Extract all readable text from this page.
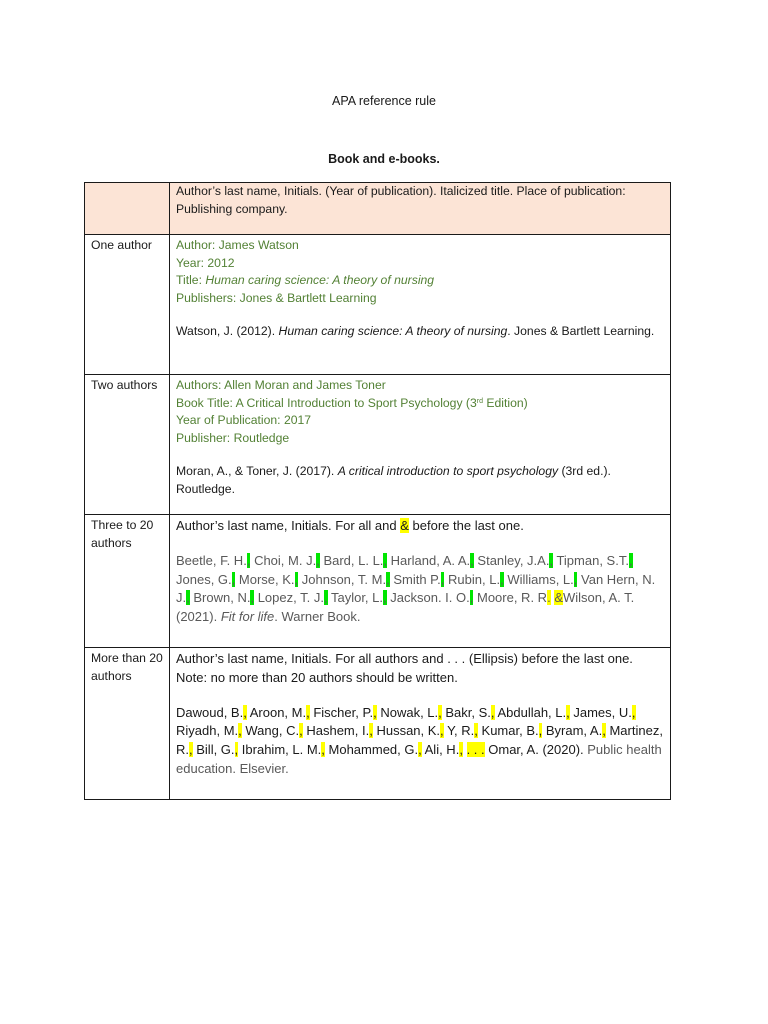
APA reference rule
Book and e-books.
	Author’s last name, Initials. (Year of publication). Italicized title. Place of publication: Publishing company.

One author	Author: James Watson
Year: 2012
Title: Human caring science: A theory of nursing
Publishers: Jones & Bartlett Learning
Watson, J. (2012). Human caring science: A theory of nursing. Jones & Bartlett Learning.

Two authors	Authors: Allen Moran and James Toner
Book Title: A Critical Introduction to Sport Psychology (3rd Edition)
Year of Publication: 2017
Publisher: Routledge
Moran, A., & Toner, J. (2017). A critical introduction to sport psychology (3rd ed.). Routledge.

Three to 20 authors	Author’s last name, Initials. For all and & before the last one.
Beetle, F. H., Choi, M. J., Bard, L. L., Harland, A. A., Stanley, J.A., Tipman, S.T., Jones, G., Morse, K., Johnson, T. M., Smith P., Rubin, L., Williams, L., Van Hern, N. J., Brown, N., Lopez, T. J., Taylor, L., Jackson. I. O., Moore, R. R. &Wilson, A. T. (2021). Fit for life. Warner Book.

More than 20 authors	Author’s last name, Initials. For all authors and . . . (Ellipsis) before the last one.
Note: no more than 20 authors should be written.
Dawoud, B., Aroon, M., Fischer, P., Nowak, L., Bakr, S., Abdullah, L., James, U., Riyadh, M., Wang, C., Hashem, I., Hussan, K., Y, R., Kumar, B., Byram, A., Martinez, R., Bill, G., Ibrahim, L. M., Mohammed, G., Ali, H., . . . Omar, A. (2020). Public health education. Elsevier.
